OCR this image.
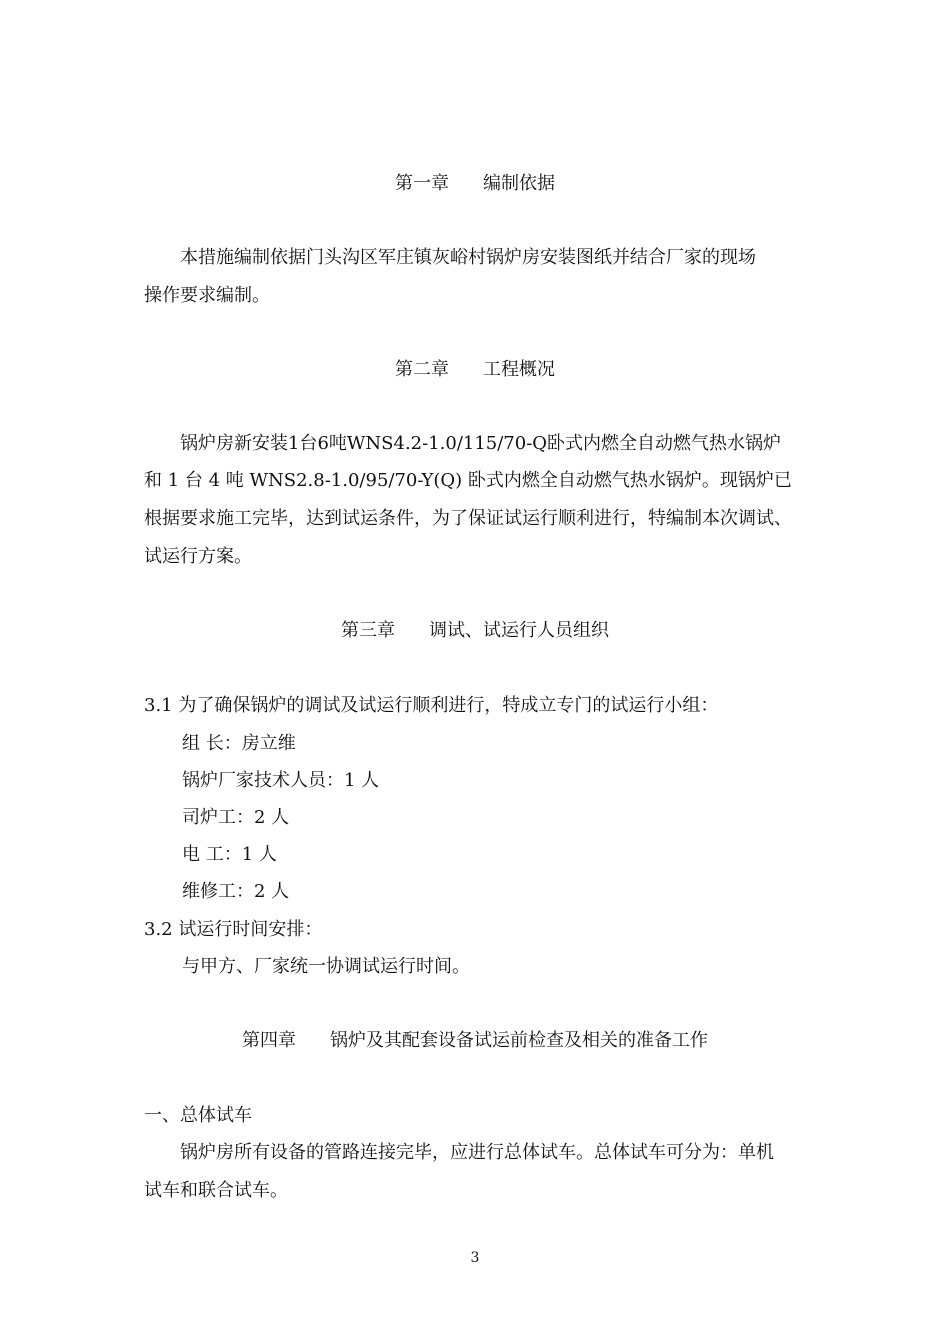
第一章 编制依据
本措施编制依据门头沟区军庄镇灰峪村锅炉房安装图纸并结合厂家的现场
操作要求编制。
第二章 工程概况
锅炉房新安装1台6吨WNS4.2-1.0/115/70-Q卧式内燃全自动燃气热水锅炉
和 1 台 4 吨 WNS2.8-1.0/95/70-Y(Q) 卧式内燃全自动燃气热水锅炉。现锅炉已
根据要求施工完毕，达到试运条件，为了保证试运行顺利进行，特编制本次调试、
试运行方案。
第三章 调试、试运行人员组织
3.1 为了确保锅炉的调试及试运行顺利进行，特成立专门的试运行小组：
组 长：房立维
锅炉厂家技术人员：1 人
司炉工：2 人
电 工：1 人
维修工：2 人
3.2 试运行时间安排：
与甲方、厂家统一协调试运行时间。
第四章 锅炉及其配套设备试运前检查及相关的准备工作
一、总体试车
锅炉房所有设备的管路连接完毕，应进行总体试车。总体试车可分为：单机
试车和联合试车。
3
